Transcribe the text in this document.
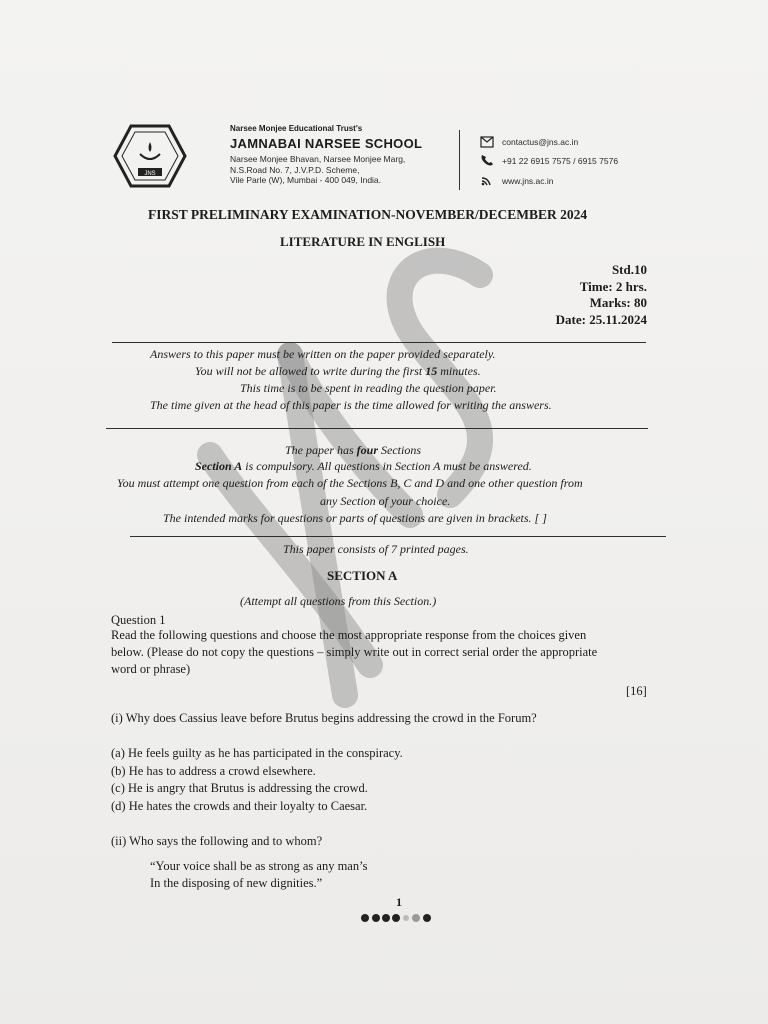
JNS
Narsee Monjee Educational Trust's
JAMNABAI NARSEE SCHOOL
Narsee Monjee Bhavan, Narsee Monjee Marg,
N.S.Road No. 7, J.V.P.D. Scheme,
Vile Parle (W), Mumbai - 400 049, India.
contactus@jns.ac.in
+91 22 6915 7575 / 6915 7576
www.jns.ac.in
FIRST PRELIMINARY EXAMINATION-NOVEMBER/DECEMBER 2024
LITERATURE IN ENGLISH
Std.10
Time: 2 hrs.
Marks: 80
Date: 25.11.2024
Answers to this paper must be written on the paper provided separately.
You will not be allowed to write during the first 15 minutes.
This time is to be spent in reading the question paper.
The time given at the head of this paper is the time allowed for writing the answers.
The paper has four Sections
Section A is compulsory. All questions in Section A must be answered.
You must attempt one question from each of the Sections B, C and D and one other question from
any Section of your choice.
The intended marks for questions or parts of questions are given in brackets. [ ]
This paper consists of 7 printed pages.
SECTION A
(Attempt all questions from this Section.)
Question 1
Read the following questions and choose the most appropriate response from the choices given
below. (Please do not copy the questions – simply write out in correct serial order the appropriate
word or phrase)
[16]
(i) Why does Cassius leave before Brutus begins addressing the crowd in the Forum?
(a) He feels guilty as he has participated in the conspiracy.
(b) He has to address a crowd elsewhere.
(c) He is angry that Brutus is addressing the crowd.
(d) He hates the crowds and their loyalty to Caesar.
(ii) Who says the following and to whom?
“Your voice shall be as strong as any man’s
In the disposing of new dignities.”
1
